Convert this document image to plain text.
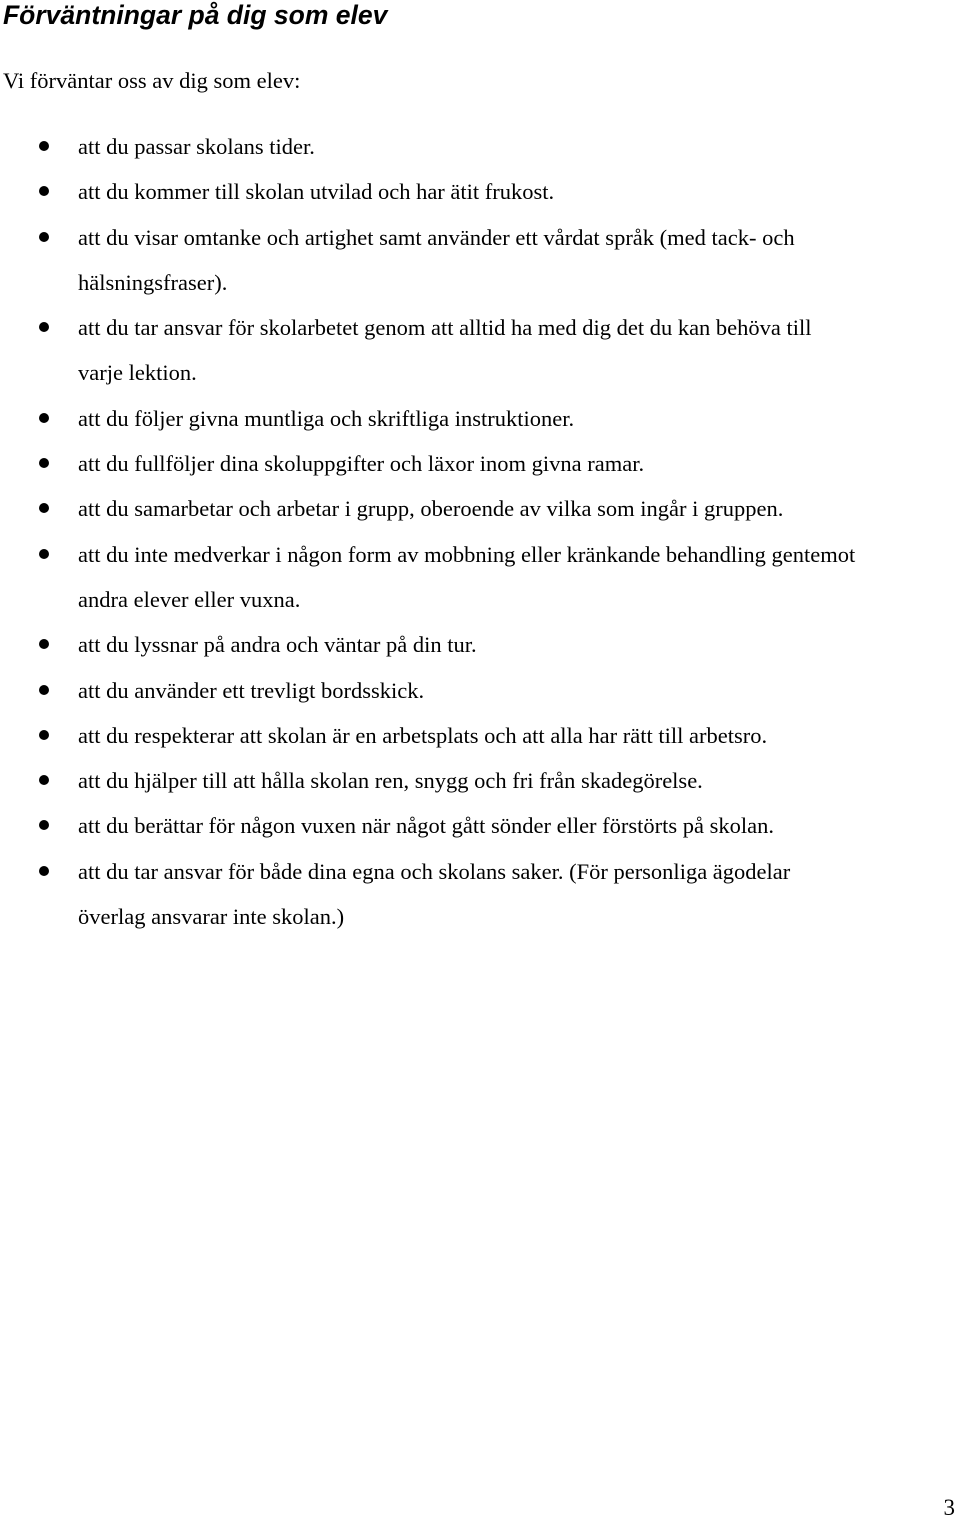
Förväntningar på dig som elev

Vi förväntar oss av dig som elev:

att du passar skolans tider.
att du kommer till skolan utvilad och har ätit frukost.
att du visar omtanke och artighet samt använder ett vårdat språk (med tack- och
hälsningsfraser).
att du tar ansvar för skolarbetet genom att alltid ha med dig det du kan behöva till
varje lektion.
att du följer givna muntliga och skriftliga instruktioner.
att du fullföljer dina skoluppgifter och läxor inom givna ramar.
att du samarbetar och arbetar i grupp, oberoende av vilka som ingår i gruppen.
att du inte medverkar i någon form av mobbning eller kränkande behandling gentemot
andra elever eller vuxna.
att du lyssnar på andra och väntar på din tur.
att du använder ett trevligt bordsskick.
att du respekterar att skolan är en arbetsplats och att alla har rätt till arbetsro.
att du hjälper till att hålla skolan ren, snygg och fri från skadegörelse.
att du berättar för någon vuxen när något gått sönder eller förstörts på skolan.
att du tar ansvar för både dina egna och skolans saker. (För personliga ägodelar
överlag ansvarar inte skolan.)
3
